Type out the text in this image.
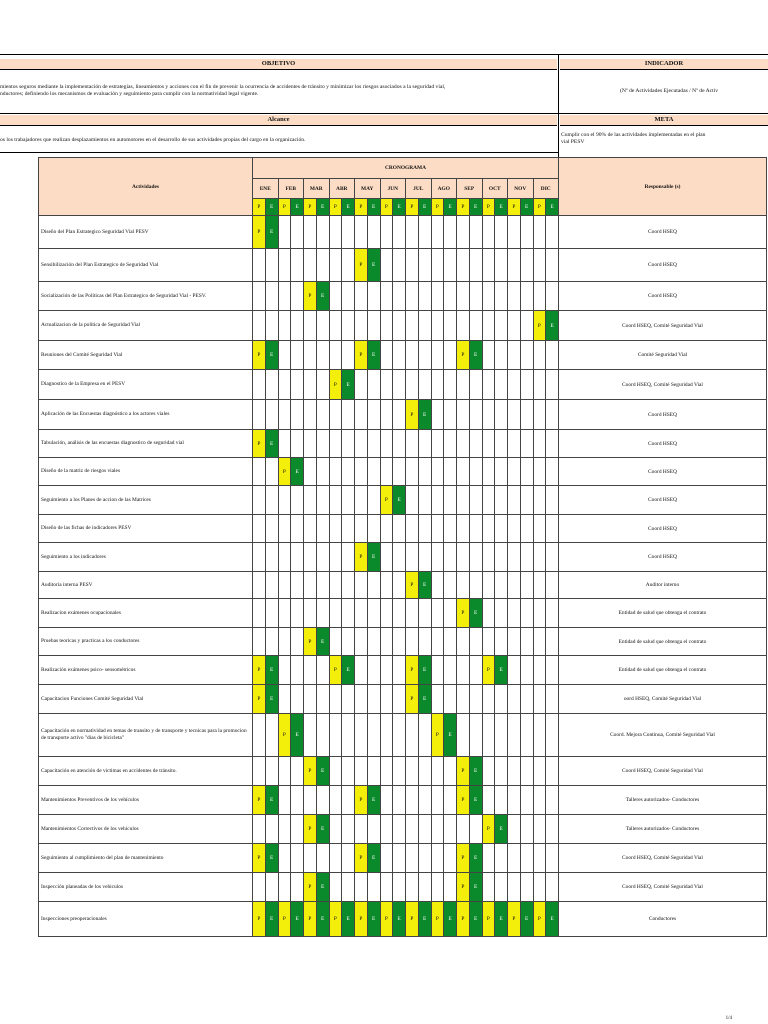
OBJETIVO	INDICADOR
mientos seguros mediante la implementación de estrategias, lineamientos y acciones con el fin de prevenir la ocurrencia de accidentes de tránsito y minimizar los riesgos asociados a la seguridad vial,
nductores; definiendo los mecanismos de evaluación y seguimiento para cumplir con la normatividad legal vigente.	(Nº de Actividades Ejecutadas / Nº de Activ
Alcance	META
os los trabajadores que realizan desplazamientos en automotores en el desarrollo de sus actividades propias del cargo en la organización.
Cumplir con el 90% de las actividades implementadas en el plan
vial PESV
Actividades	CRONOGRAMA																								Responsable (s)
	ENE		FEB		MAR		ABR		MAY		JUN		JUL		AGO		SEP		OCT		NOV		DIC		
	P	E	P	E	P	E	P	E	P	E	P	E	P	E	P	E	P	E	P	E	P	E	P	E	
Diseño del Plan Estrategico Seguridad Vial PESV	P	E																							Coord HSEQ
Sensibilización del Plan Estrategico de Seguridad Vial									P	E															Coord HSEQ
Socialización de las Políticas del Plan Estrategico de Seguridad Vial - PESV.					P	E																			Coord HSEQ
Actualizacion de la política de Seguridad Vial																							P	E	Coord HSEQ, Comité Seguridad Vial
Reuniones del Comité Seguridad Vial	P	E							P	E							P	E							Comité Seguridad Vial
Diagnostico de la Empresa en el PESV							P	E																	Coord HSEQ, Comité Seguridad Vial
Aplicación de las Encuestas diagnóstico a los actores viales													P	E											Coord HSEQ
Tabulación, análisis de las encuestas diagnostico de seguridad vial	P	E																							Coord HSEQ
Diseño de la matriz de riesgos viales			P	E																					Coord HSEQ
Seguimiento a los Planes de accion de las Matrices											P	E													Coord HSEQ
Diseño de las fichas de indicadores PESV																									Coord HSEQ
Seguimiento a los indicadores									P	E															Coord HSEQ
Auditoria interna PESV													P	E											Auditor interno
Realizacion exámenes ocupacionales																	P	E							Entidad de salud que obtenga el contrato
Pruebas teoricas y practicas a los conductores					P	E																			Entidad de salud que obtenga el contrato
Realización exámenes psico- sensométricos	P	E					P	E					P	E					P	E					Entidad de salud que obtenga el contrato
Capacitacion Funciones Comité Seguridad Vial	P	E											P	E											oord HSEQ, Comité Seguridad Vial
Capacitación en normatividad en temas de transito y de transporte y tecnicas para la promocion de transporte activo "dias de bicicleta"			P	E											P	E									Coord. Mejora Continua, Comité Seguridad Vial
Capacitación en atención de victimas en accidentes de tránsito.					P	E											P	E							Coord HSEQ, Comité Seguridad Vial
Mantenimientos Preventivos de los vehículos	P	E							P	E							P	E							Talleres autorizados- Conductores
Mantenimientos Correctivos de los vehiculos					P	E													P	E					Talleres autorizados- Conductores
Seguimiento al cumplimiento del plan de mantenimiento	P	E							P	E							P	E							Coord HSEQ, Comité Seguridad Vial
Inspección planeadas de los vehiculos					P	E											P	E							Coord HSEQ, Comité Seguridad Vial
Inspecciones preoperacionales	P	E	P	E	P	E	P	E	P	E	P	E	P	E	P	E	P	E	P	E	P	E	P	E	Conductores
1/4
